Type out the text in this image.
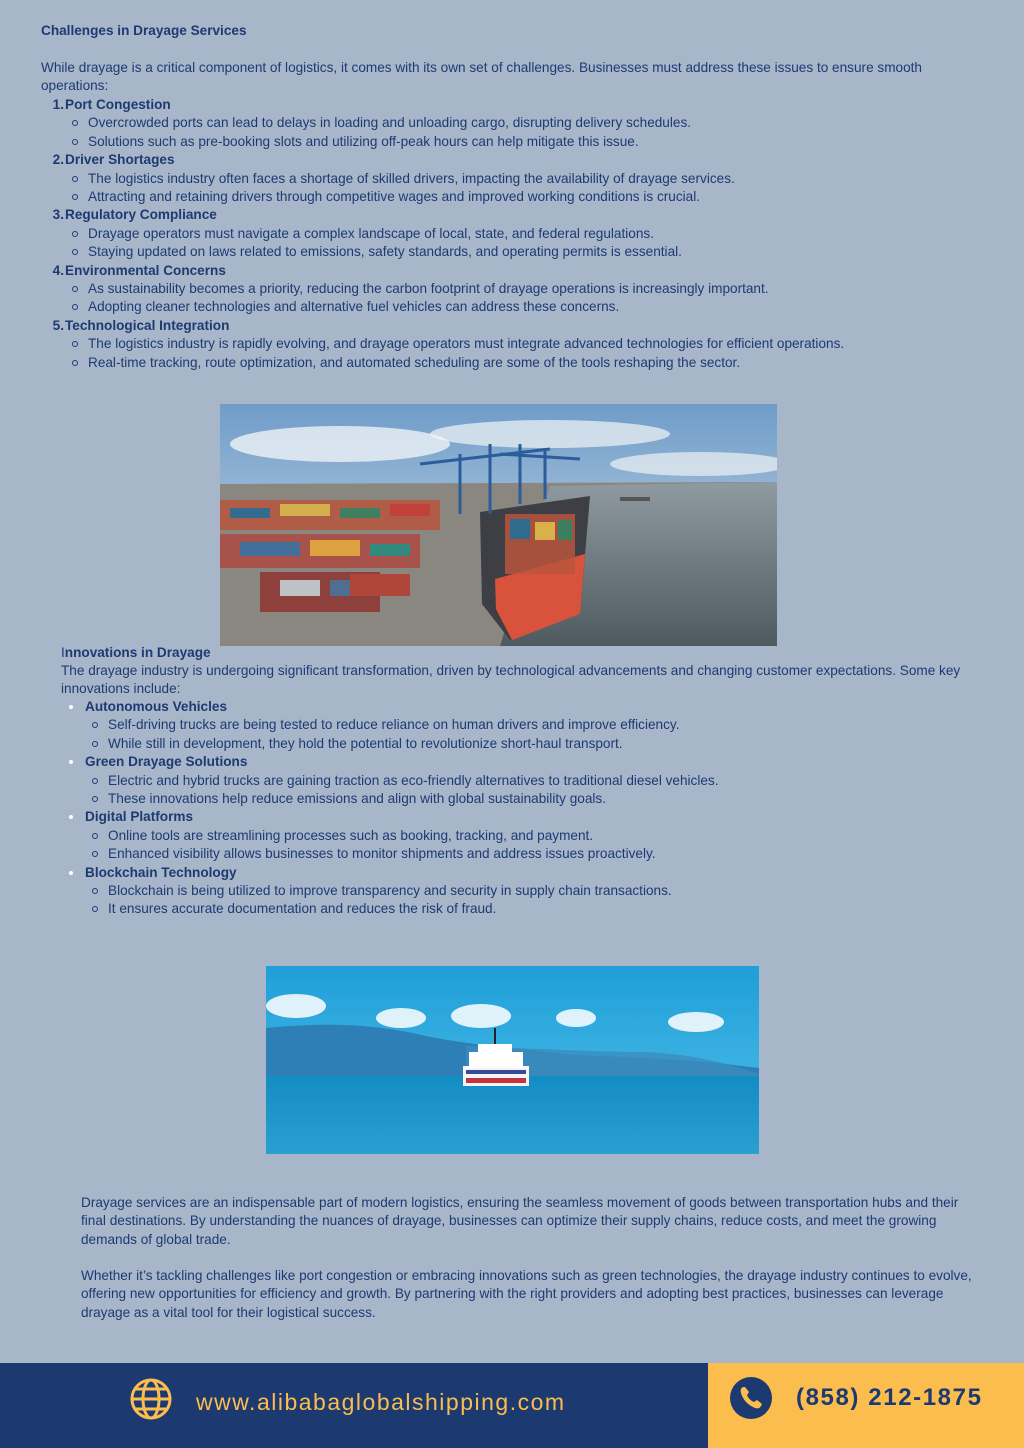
Challenges in Drayage Services
While drayage is a critical component of logistics, it comes with its own set of challenges. Businesses must address these issues to ensure smooth operations:
1. Port Congestion
Overcrowded ports can lead to delays in loading and unloading cargo, disrupting delivery schedules.
Solutions such as pre-booking slots and utilizing off-peak hours can help mitigate this issue.
2. Driver Shortages
The logistics industry often faces a shortage of skilled drivers, impacting the availability of drayage services.
Attracting and retaining drivers through competitive wages and improved working conditions is crucial.
3. Regulatory Compliance
Drayage operators must navigate a complex landscape of local, state, and federal regulations.
Staying updated on laws related to emissions, safety standards, and operating permits is essential.
4. Environmental Concerns
As sustainability becomes a priority, reducing the carbon footprint of drayage operations is increasingly important.
Adopting cleaner technologies and alternative fuel vehicles can address these concerns.
5. Technological Integration
The logistics industry is rapidly evolving, and drayage operators must integrate advanced technologies for efficient operations.
Real-time tracking, route optimization, and automated scheduling are some of the tools reshaping the sector.
Innovations in Drayage
The drayage industry is undergoing significant transformation, driven by technological advancements and changing customer expectations. Some key innovations include:
Autonomous Vehicles
Self-driving trucks are being tested to reduce reliance on human drivers and improve efficiency.
While still in development, they hold the potential to revolutionize short-haul transport.
Green Drayage Solutions
Electric and hybrid trucks are gaining traction as eco-friendly alternatives to traditional diesel vehicles.
These innovations help reduce emissions and align with global sustainability goals.
Digital Platforms
Online tools are streamlining processes such as booking, tracking, and payment.
Enhanced visibility allows businesses to monitor shipments and address issues proactively.
Blockchain Technology
Blockchain is being utilized to improve transparency and security in supply chain transactions.
It ensures accurate documentation and reduces the risk of fraud.
Drayage services are an indispensable part of modern logistics, ensuring the seamless movement of goods between transportation hubs and their final destinations. By understanding the nuances of drayage, businesses can optimize their supply chains, reduce costs, and meet the growing demands of global trade.
Whether it’s tackling challenges like port congestion or embracing innovations such as green technologies, the drayage industry continues to evolve, offering new opportunities for efficiency and growth. By partnering with the right providers and adopting best practices, businesses can leverage drayage as a vital tool for their logistical success.
www.alibabaglobalshipping.com	(858) 212-1875
